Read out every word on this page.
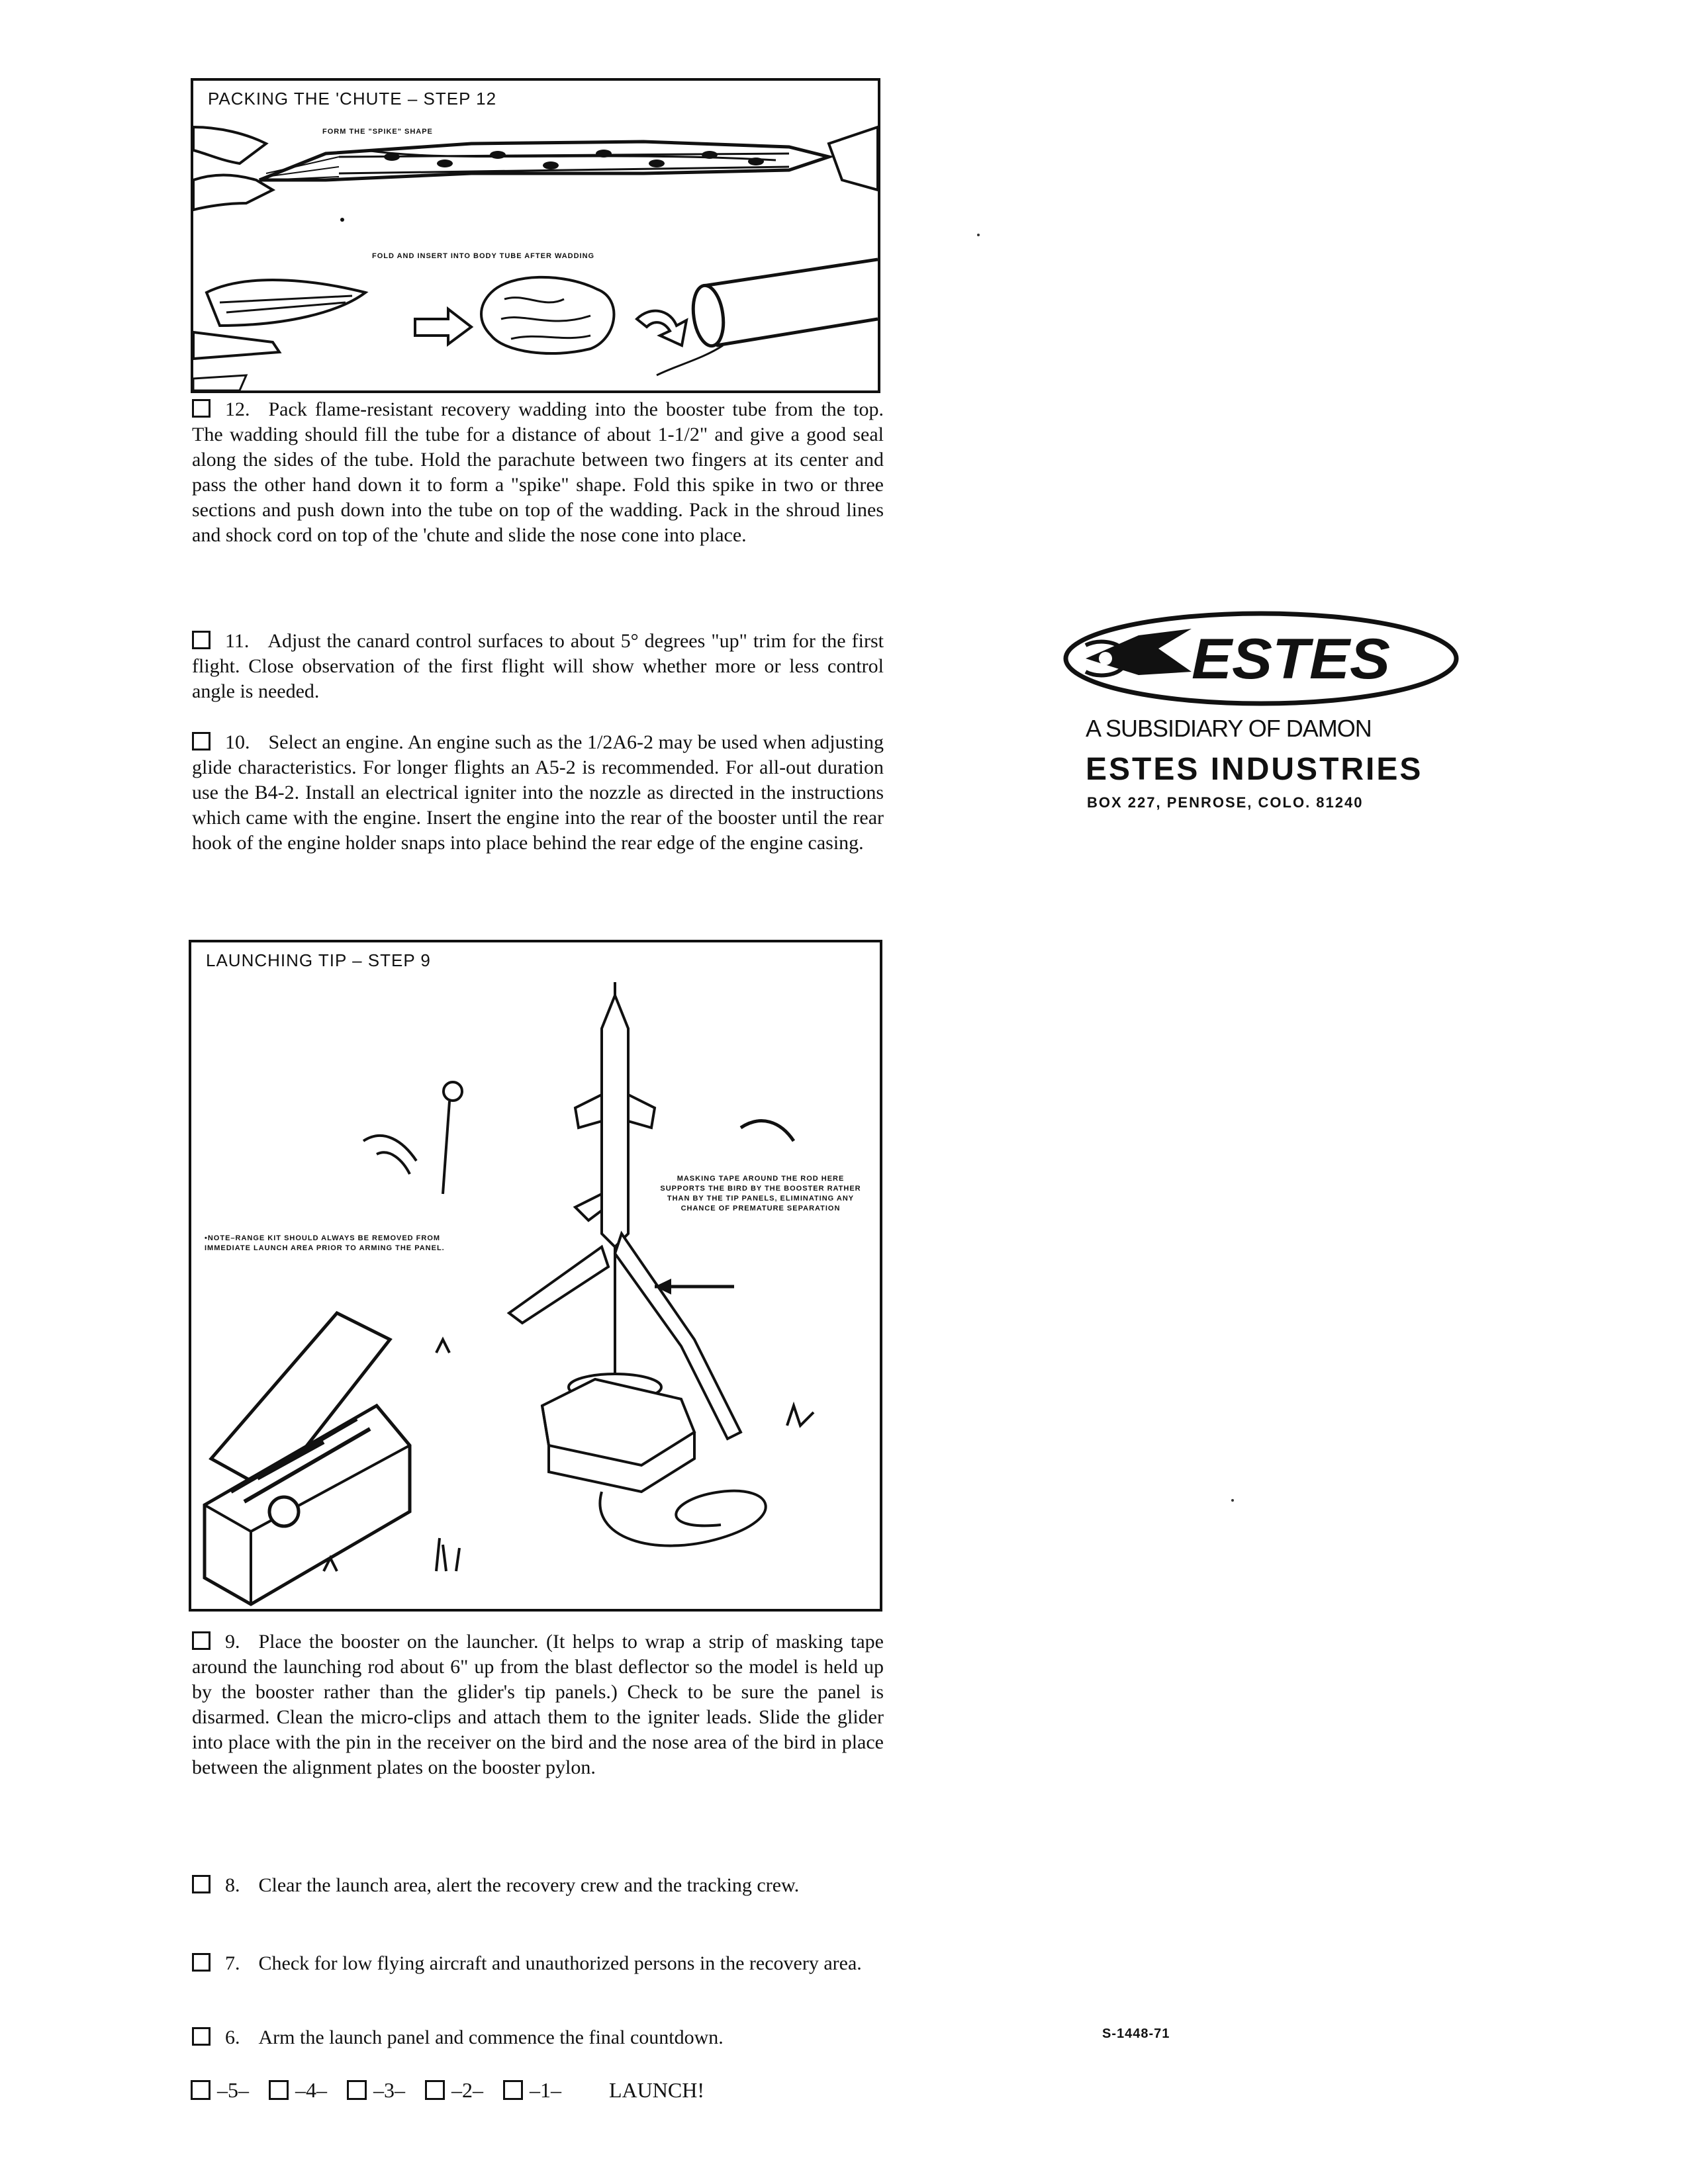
PACKING THE 'CHUTE – STEP 12
FORM THE "SPIKE" SHAPE
FOLD AND INSERT INTO BODY TUBE AFTER WADDING
12. Pack flame-resistant recovery wadding into the booster tube from the top. The wadding should fill the tube for a distance of about 1-1/2" and give a good seal along the sides of the tube. Hold the parachute between two fingers at its center and pass the other hand down it to form a "spike" shape. Fold this spike in two or three sections and push down into the tube on top of the wadding. Pack in the shroud lines and shock cord on top of the 'chute and slide the nose cone into place.
11. Adjust the canard control surfaces to about 5° degrees "up" trim for the first flight. Close observation of the first flight will show whether more or less control angle is needed.
10. Select an engine. An engine such as the 1/2A6-2 may be used when adjusting glide characteristics. For longer flights an A5-2 is recommended. For all-out duration use the B4-2. Install an electrical igniter into the nozzle as directed in the instructions which came with the engine. Insert the engine into the rear of the booster until the rear hook of the engine holder snaps into place behind the rear edge of the engine casing.
LAUNCHING TIP – STEP 9
•NOTE–RANGE KIT SHOULD ALWAYS BE REMOVED FROM IMMEDIATE LAUNCH AREA PRIOR TO ARMING THE PANEL.
MASKING TAPE AROUND THE ROD HERE SUPPORTS THE BIRD BY THE BOOSTER RATHER THAN BY THE TIP PANELS, ELIMINATING ANY CHANCE OF PREMATURE SEPARATION
9. Place the booster on the launcher. (It helps to wrap a strip of masking tape around the launching rod about 6" up from the blast deflector so the model is held up by the booster rather than the glider's tip panels.) Check to be sure the panel is disarmed. Clean the micro-clips and attach them to the igniter leads. Slide the glider into place with the pin in the receiver on the bird and the nose area of the bird in place between the alignment plates on the booster pylon.
8. Clear the launch area, alert the recovery crew and the tracking crew.
7. Check for low flying aircraft and unauthorized persons in the recovery area.
6. Arm the launch panel and commence the final countdown.
–5– –4– –3– –2– –1– LAUNCH!
ESTES
A SUBSIDIARY OF DAMON
ESTES INDUSTRIES
BOX 227, PENROSE, COLO. 81240
S-1448-71
